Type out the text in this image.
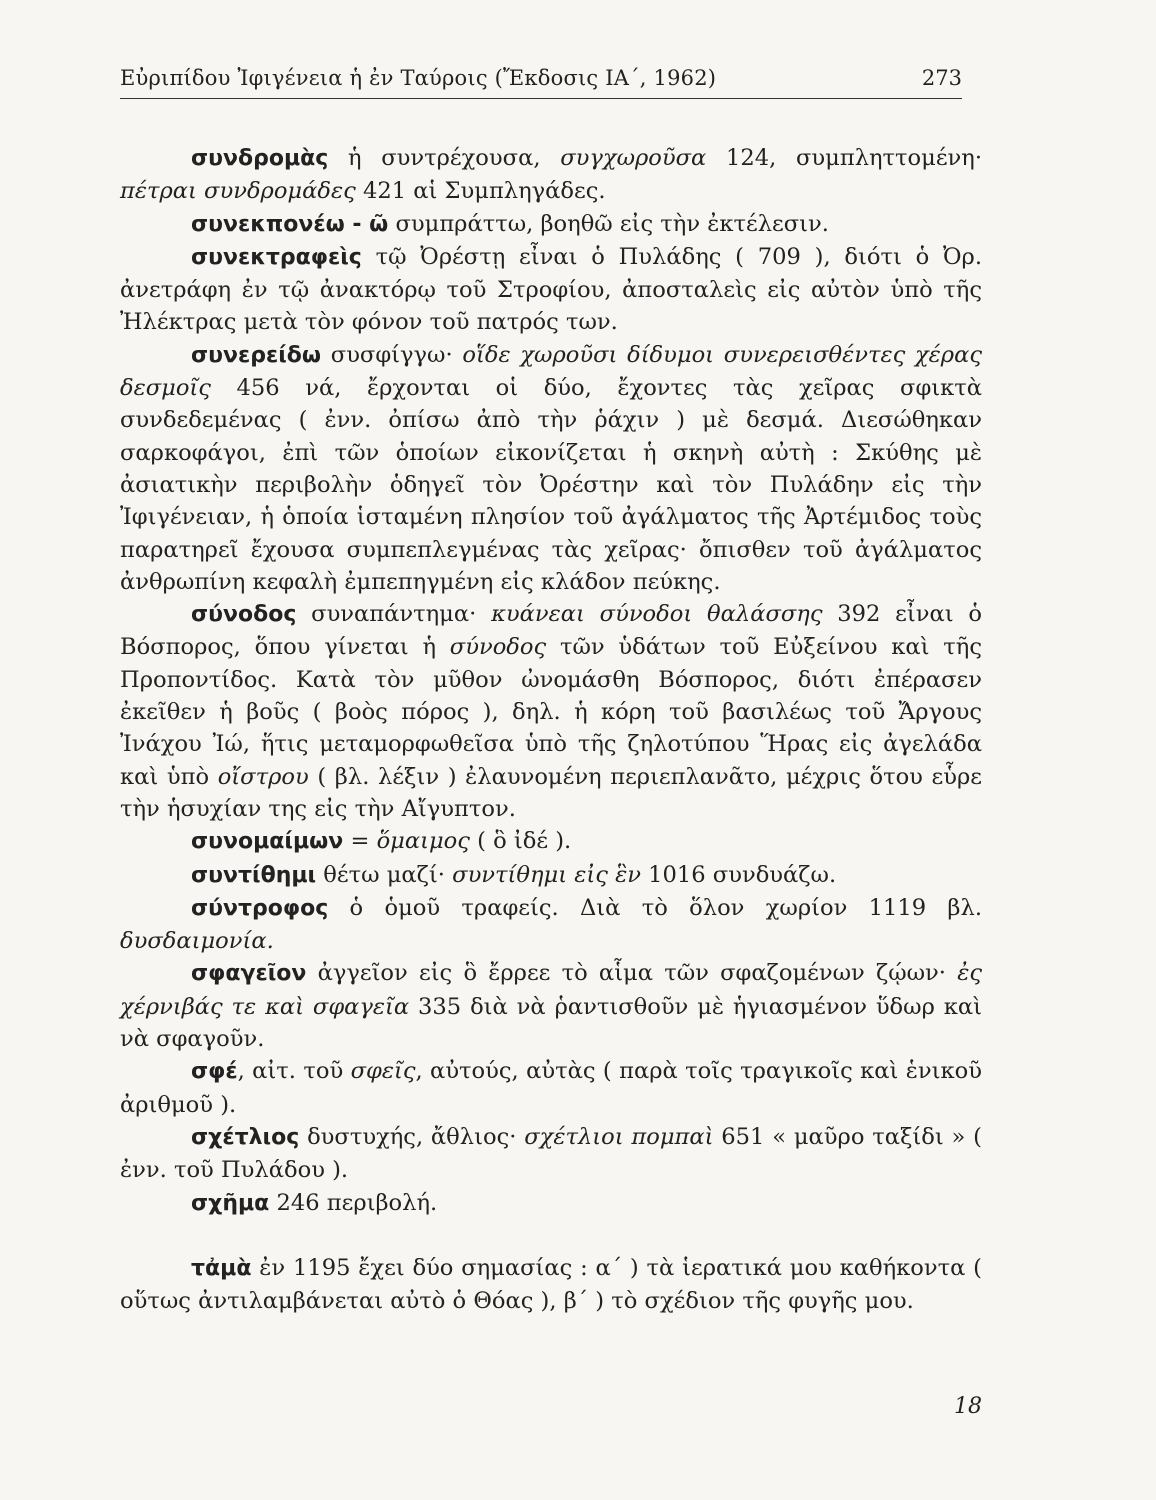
Εὐριπίδου Ἰφιγένεια ἡ ἐν Ταύροις (Ἔκδοσις ΙΑ΄, 1962)	273

συνδρομὰς ἡ συντρέχουσα, συγχωροῦσα 124, συμπληττομένη· πέτραι συνδρομάδες 421 αἱ Συμπληγάδες.

συνεκπονέω - ῶ συμπράττω, βοηθῶ εἰς τὴν ἐκτέλεσιν.

συνεκτραφεὶς τῷ Ὀρέστῃ εἶναι ὁ Πυλάδης ( 709 ), διότι ὁ Ὀρ. ἀνετράφη ἐν τῷ ἀνακτόρῳ τοῦ Στροφίου, ἀποσταλεὶς εἰς αὐτὸν ὑπὸ τῆς Ἠλέκτρας μετὰ τὸν φόνον τοῦ πατρός των.

συνερείδω συσφίγγω· οἵδε χωροῦσι δίδυμοι συνερεισθέντες χέρας δεσμοῖς 456 νά, ἔρχονται οἱ δύο, ἔχοντες τὰς χεῖρας σφικτὰ συνδεδεμένας ( ἐνν. ὀπίσω ἀπὸ τὴν ῥάχιν ) μὲ δεσμά. Διεσώθηκαν σαρκοφάγοι, ἐπὶ τῶν ὁποίων εἰκονίζεται ἡ σκηνὴ αὐτὴ : Σκύθης μὲ ἀσιατικὴν περιβολὴν ὁδηγεῖ τὸν Ὀρέστην καὶ τὸν Πυλάδην εἰς τὴν Ἰφιγένειαν, ἡ ὁποία ἱσταμένη πλησίον τοῦ ἀγάλματος τῆς Ἀρτέμιδος τοὺς παρατηρεῖ ἔχουσα συμπεπλεγμένας τὰς χεῖρας· ὄπισθεν τοῦ ἀγάλματος ἀνθρωπίνη κεφαλὴ ἐμπεπηγμένη εἰς κλάδον πεύκης.

σύνοδος συναπάντημα· κυάνεαι σύνοδοι θαλάσσης 392 εἶναι ὁ Βόσπορος, ὅπου γίνεται ἡ σύνοδος τῶν ὑδάτων τοῦ Εὐξείνου καὶ τῆς Προποντίδος. Κατὰ τὸν μῦθον ὠνομάσθη Βόσπορος, διότι ἐπέρασεν ἐκεῖθεν ἡ βοῦς ( βοὸς πόρος ), δηλ. ἡ κόρη τοῦ βασιλέως τοῦ Ἄργους Ἰνάχου Ἰώ, ἥτις μεταμορφωθεῖσα ὑπὸ τῆς ζηλοτύπου Ἥρας εἰς ἀγελάδα καὶ ὑπὸ οἴστρου ( βλ. λέξιν ) ἐλαυνομένη περιεπλανᾶτο, μέχρις ὅτου εὗρε τὴν ἡσυχίαν της εἰς τὴν Αἴγυπτον.

συνομαίμων = ὅμαιμος ( ὃ ἰδέ ).

συντίθημι θέτω μαζί· συντίθημι εἰς ἓν 1016 συνδυάζω.

σύντροφος ὁ ὁμοῦ τραφείς. Διὰ τὸ ὅλον χωρίον 1119 βλ. δυσδαιμονία.

σφαγεῖον ἀγγεῖον εἰς ὃ ἔρρεε τὸ αἷμα τῶν σφαζομένων ζῴων· ἐς χέρνιβάς τε καὶ σφαγεῖα 335 διὰ νὰ ῥαντισθοῦν μὲ ἡγιασμένον ὕδωρ καὶ νὰ σφαγοῦν.

σφέ, αἰτ. τοῦ σφεῖς, αὐτούς, αὐτὰς ( παρὰ τοῖς τραγικοῖς καὶ ἑνικοῦ ἀριθμοῦ ).

σχέτλιος δυστυχής, ἄθλιος· σχέτλιοι πομπαὶ 651 « μαῦρο ταξίδι » ( ἐνν. τοῦ Πυλάδου ).

σχῆμα 246 περιβολή.

τἀμὰ ἐν 1195 ἔχει δύο σημασίας : α΄ ) τὰ ἱερατικά μου καθήκοντα ( οὕτως ἀντιλαμβάνεται αὐτὸ ὁ Θόας ), β΄ ) τὸ σχέδιον τῆς φυγῆς μου.

18
